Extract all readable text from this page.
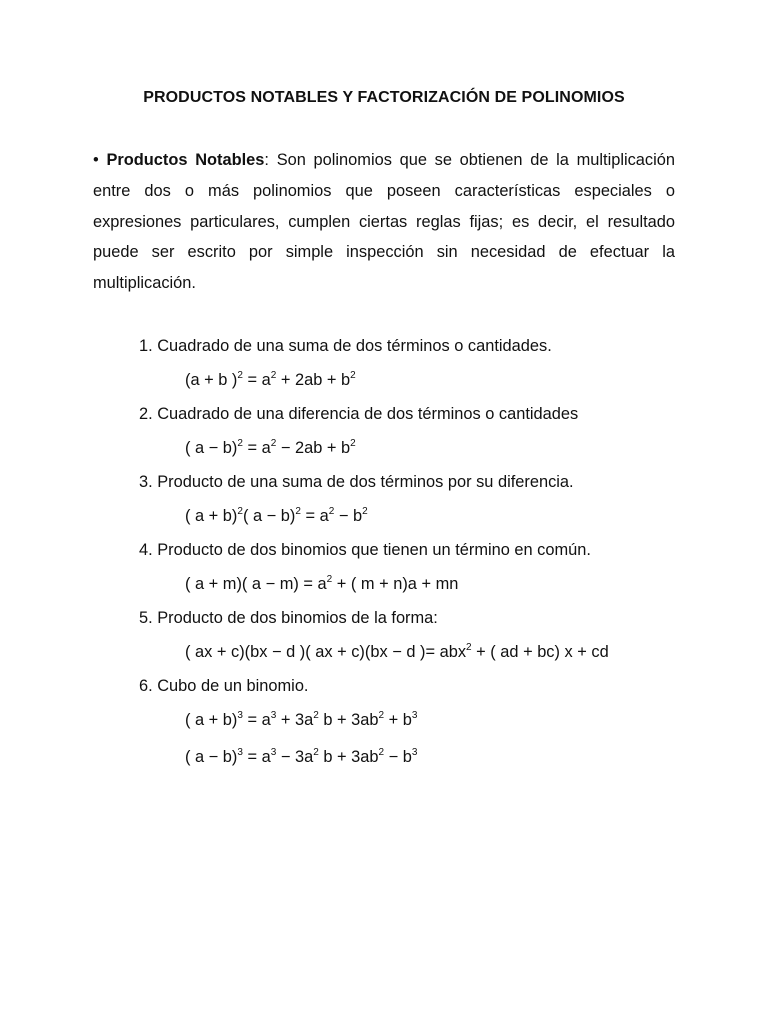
PRODUCTOS NOTABLES Y FACTORIZACIÓN DE POLINOMIOS
• Productos Notables: Son polinomios que se obtienen de la multiplicación entre dos o más polinomios que poseen características especiales o expresiones particulares, cumplen ciertas reglas fijas; es decir, el resultado puede ser escrito por simple inspección sin necesidad de efectuar la multiplicación.
1. Cuadrado de una suma de dos términos o cantidades.
(a + b )$^2 = a^2 + 2ab + b^2$
2. Cuadrado de una diferencia de dos términos o cantidades
( $a - b)^2 = a^2 - 2ab + b^2$
3. Producto de una suma de dos términos por su diferencia.
( a + b)$^2$( $a - b)^2 = a^2 - b^2$
4. Producto de dos binomios que tienen un término en común.
( a + m)( $a - m) = a^2$ + ( m + n)a + mn
5. Producto de dos binomios de la forma:
( ax + c)(bx − d )( ax + c)(bx − d )= abx$^2$ + ( ad + bc) x + cd
6. Cubo de un binomio.
( $a + b)^3 = a^3 + 3a^2$ $b + 3ab^2 + b^3$
( $a - b)^3 = a^3 - 3a^2$ $b + 3ab^2 - b^3$
